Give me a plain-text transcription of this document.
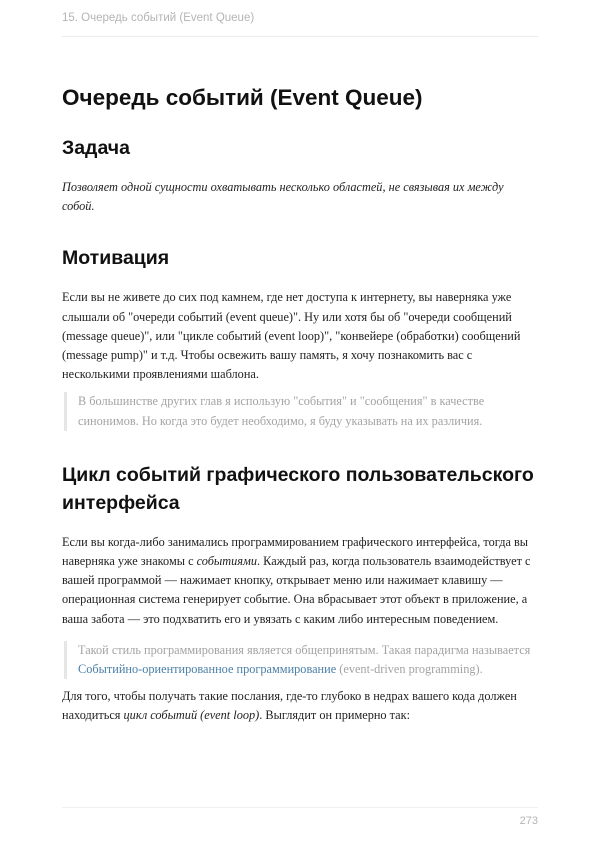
15. Очередь событий (Event Queue)
Очередь событий (Event Queue)
Задача

Позволяет одной сущности охватывать несколько областей, не связывая их между собой.

Мотивация

Если вы не живете до сих под камнем, где нет доступа к интернету, вы наверняка уже слышали об "очереди событий (event queue)". Ну или хотя бы об "очереди сообщений (message queue)", или "цикле событий (event loop)", "конвейере (обработки) сообщений (message pump)" и т.д. Чтобы освежить вашу память, я хочу познакомить вас с несколькими проявлениями шаблона.

В большинстве других глав я использую "события" и "сообщения" в качестве синонимов. Но когда это будет необходимо, я буду указывать на их различия.

Цикл событий графического пользовательского интерфейса

Если вы когда-либо занимались программированием графического интерфейса, тогда вы наверняка уже знакомы с событиями. Каждый раз, когда пользователь взаимодействует с вашей программой — нажимает кнопку, открывает меню или нажимает клавишу — операционная система генерирует событие. Она вбрасывает этот объект в приложение, а ваша забота — это подхватить его и увязать с каким либо интересным поведением.

Такой стиль программирования является общепринятым. Такая парадигма называется Событийно-ориентированное программирование (event-driven programming).

Для того, чтобы получать такие послания, где-то глубоко в недрах вашего кода должен находиться цикл событий (event loop). Выглядит он примерно так:

273
